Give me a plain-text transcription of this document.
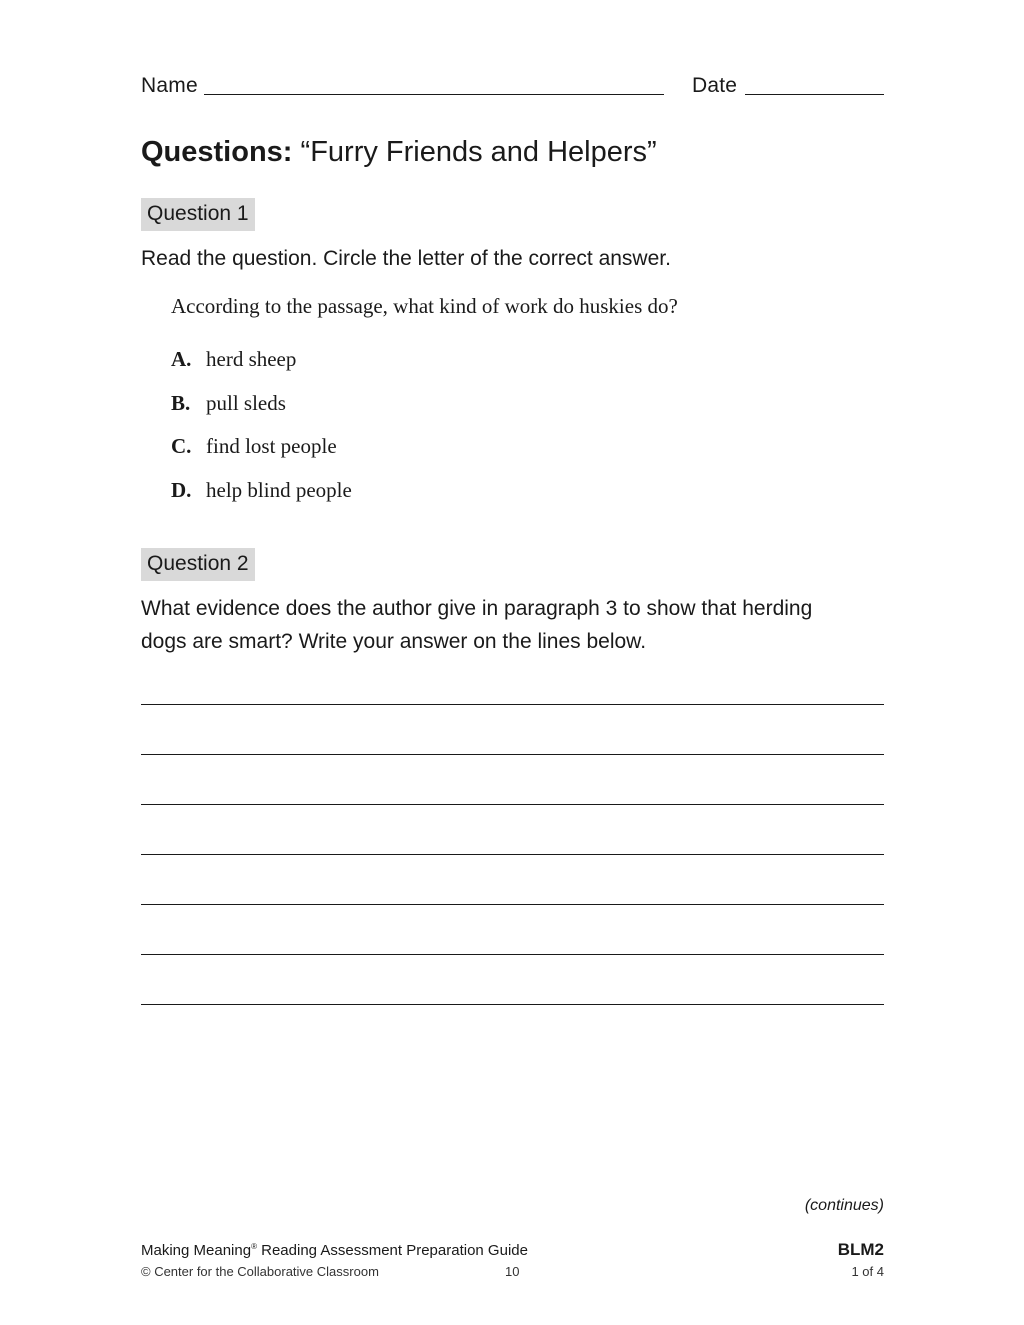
Name	Date
Questions: “Furry Friends and Helpers”
Question 1
Read the question. Circle the letter of the correct answer.
According to the passage, what kind of work do huskies do?
A. herd sheep
B. pull sleds
C. find lost people
D. help blind people
Question 2
What evidence does the author give in paragraph 3 to show that herding
dogs are smart? Write your answer on the lines below.
(continues)
Making Meaning® Reading Assessment Preparation Guide	BLM2
© Center for the Collaborative Classroom	10	1 of 4
